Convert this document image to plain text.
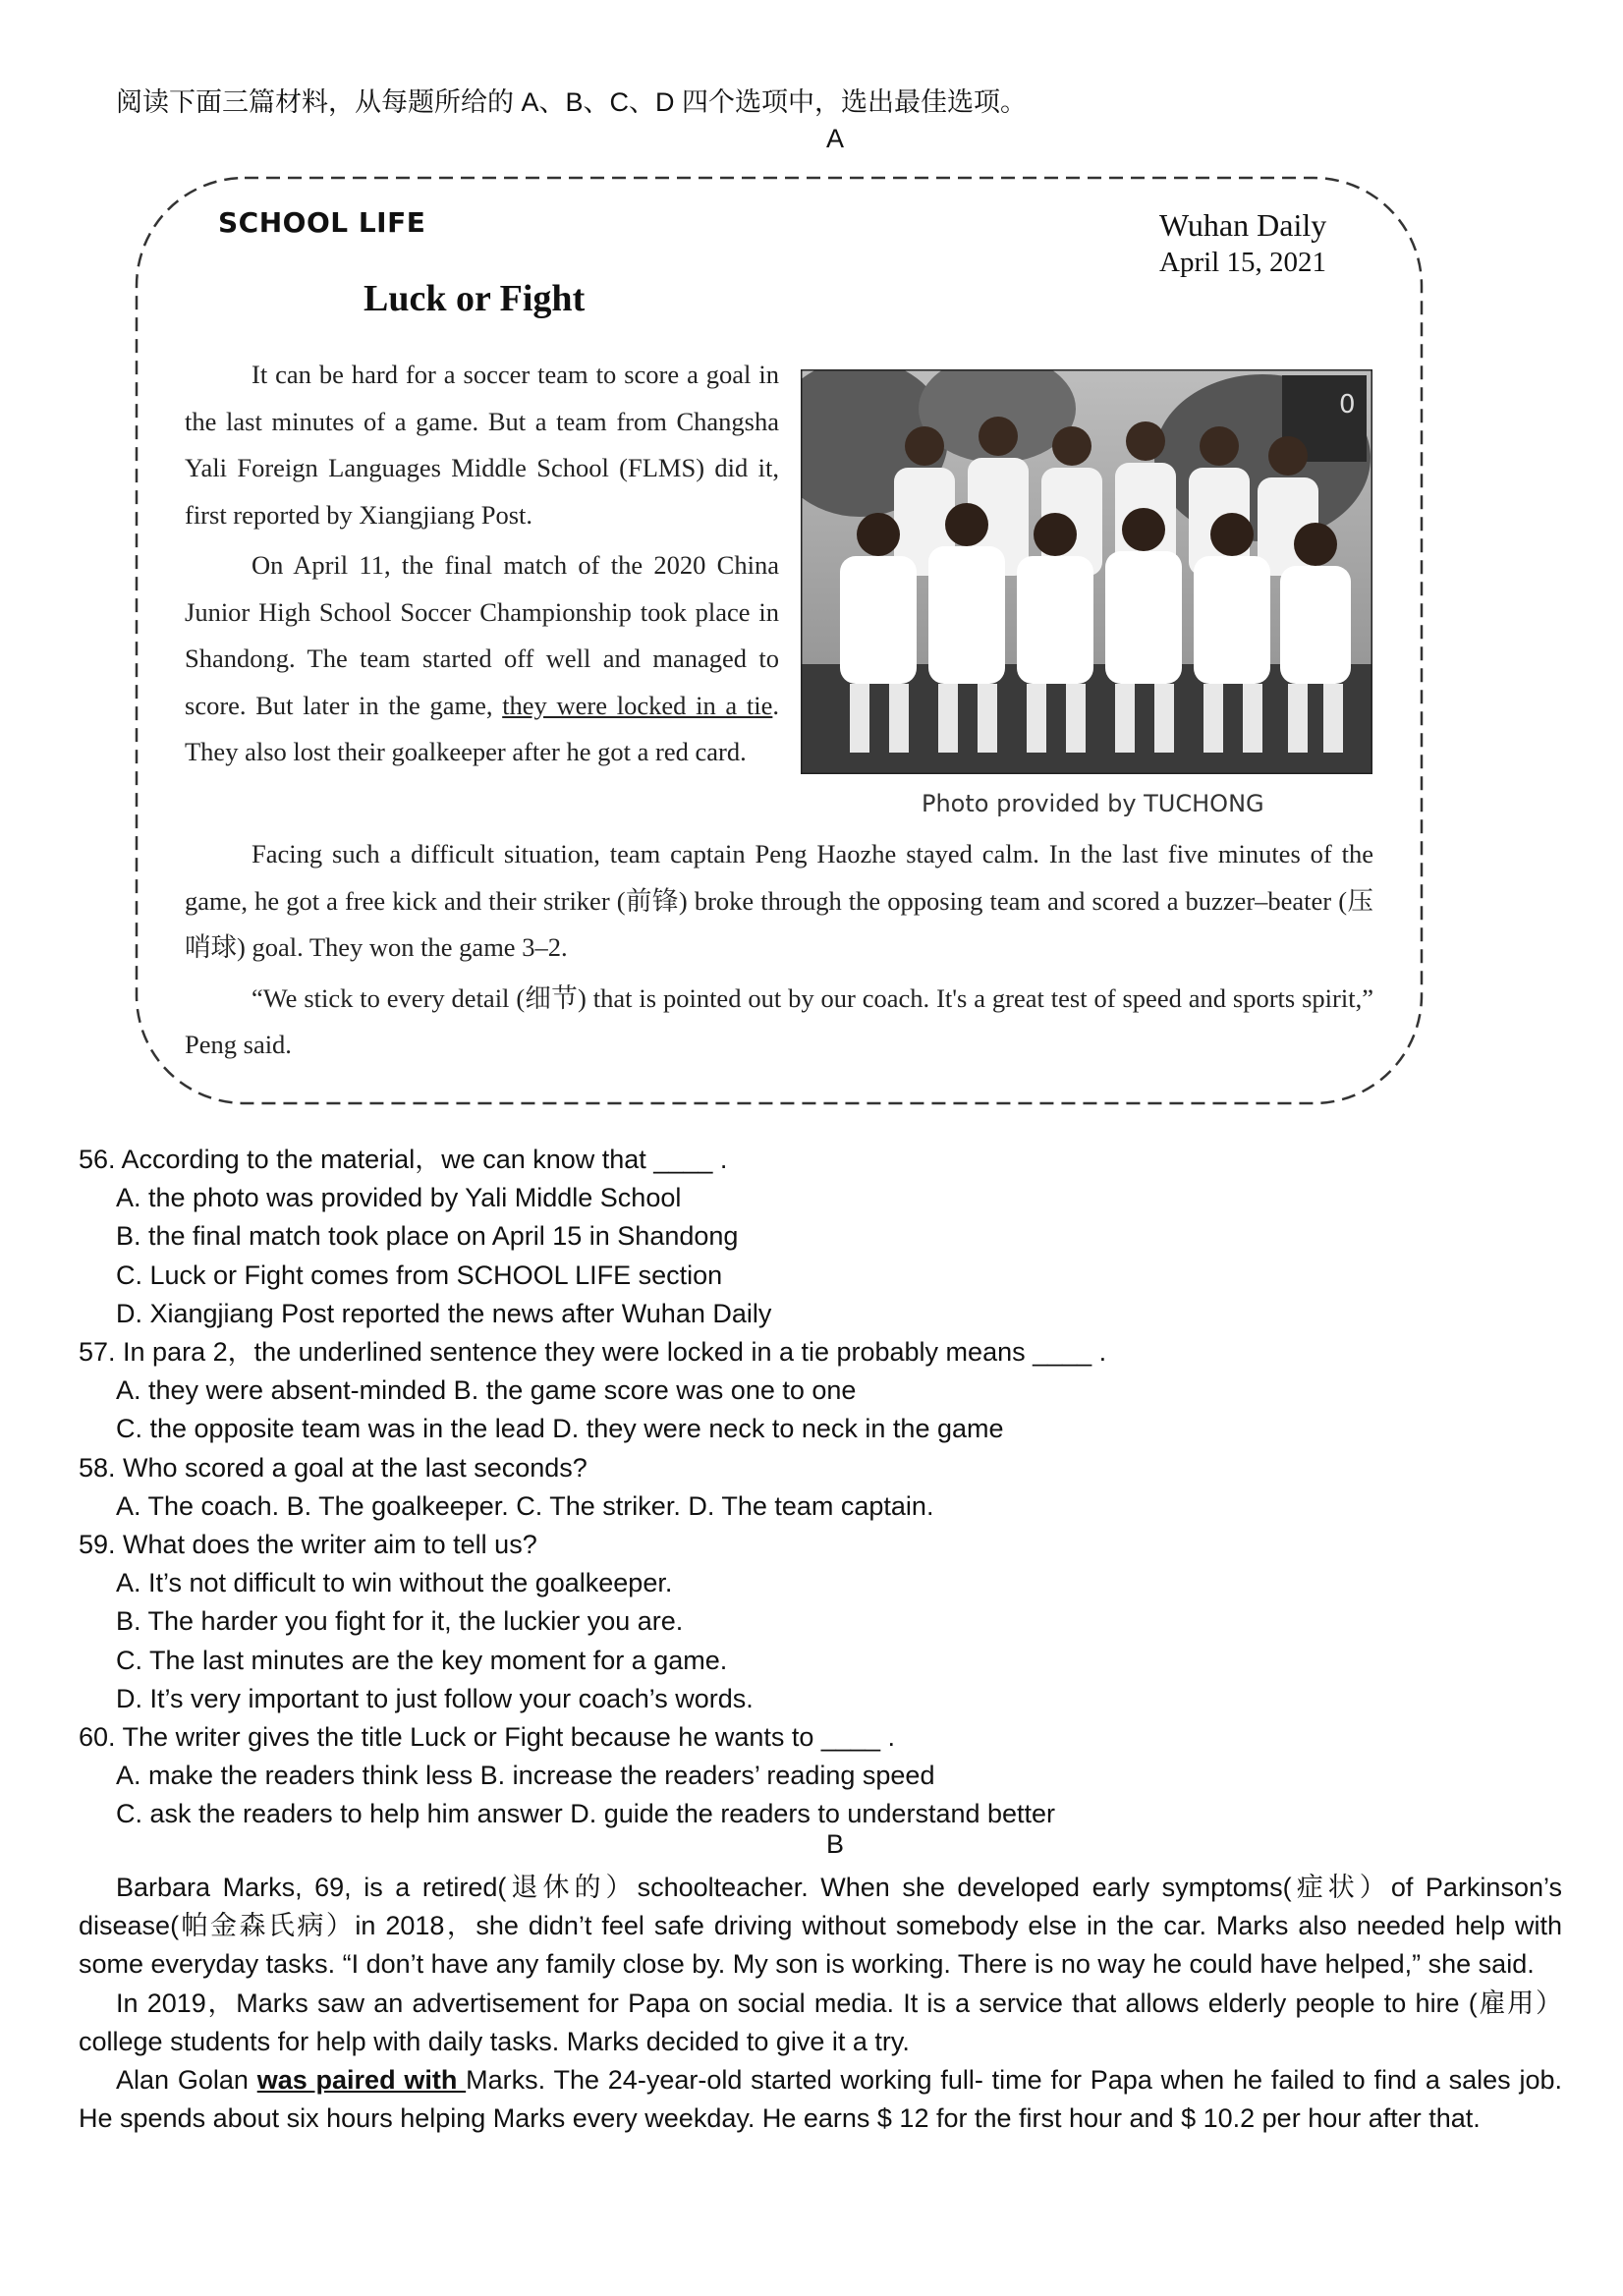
阅读下面三篇材料，从每题所给的 A、B、C、D 四个选项中，选出最佳选项。
A
SCHOOL LIFE	Wuhan Daily
April 15, 2021
Luck or Fight

It can be hard for a soccer team to score a goal in the last minutes of a game. But a team from Changsha Yali Foreign Languages Middle School (FLMS) did it, first reported by Xiangjiang Post.

On April 11, the final match of the 2020 China Junior High School Soccer Championship took place in Shandong. The team started off well and managed to score. But later in the game, they were locked in a tie. They also lost their goalkeeper after he got a red card.

0
Photo provided by TUCHONG

Facing such a difficult situation, team captain Peng Haozhe stayed calm. In the last five minutes of the game, he got a free kick and their striker (前锋) broke through the opposing team and scored a buzzer–beater (压哨球) goal. They won the game 3–2.

“We stick to every detail (细节) that is pointed out by our coach. It's a great test of speed and sports spirit,” Peng said.

56. According to the material，we can know that ____ .
A. the photo was provided by Yali Middle School
B. the final match took place on April 15 in Shandong
C. Luck or Fight comes from SCHOOL LIFE section
D. Xiangjiang Post reported the news after Wuhan Daily
57. In para 2，the underlined sentence they were locked in a tie probably means ____ .
A. they were absent-minded B. the game score was one to one
C. the opposite team was in the lead D. they were neck to neck in the game
58. Who scored a goal at the last seconds?
A. The coach. B. The goalkeeper. C. The striker. D. The team captain.
59. What does the writer aim to tell us?
A. It’s not difficult to win without the goalkeeper.
B. The harder you fight for it, the luckier you are.
C. The last minutes are the key moment for a game.
D. It’s very important to just follow your coach’s words.
60. The writer gives the title Luck or Fight because he wants to ____ .
A. make the readers think less B. increase the readers’ reading speed
C. ask the readers to help him answer D. guide the readers to understand better
B

Barbara Marks, 69, is a retired(退休的）schoolteacher. When she developed early symptoms(症状）of Parkinson’s disease(帕金森氏病）in 2018，she didn’t feel safe driving without somebody else in the car. Marks also needed help with some everyday tasks. “I don’t have any family close by. My son is working. There is no way he could have helped,” she said.

In 2019，Marks saw an advertisement for Papa on social media. It is a service that allows elderly people to hire (雇用）college students for help with daily tasks. Marks decided to give it a try.

Alan Golan was paired with Marks. The 24-year-old started working full- time for Papa when he failed to find a sales job. He spends about six hours helping Marks every weekday. He earns $ 12 for the first hour and $ 10.2 per hour after that.
